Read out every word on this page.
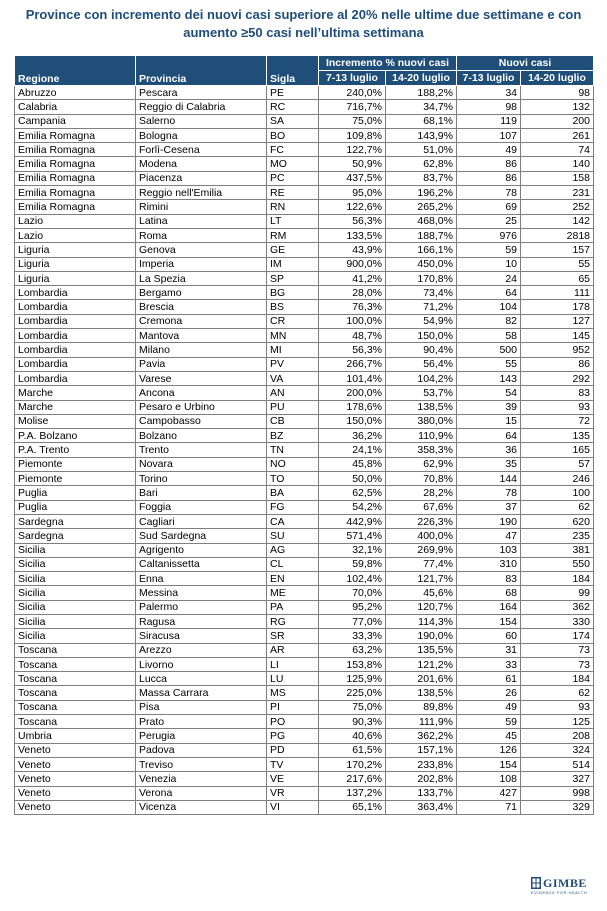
Province con incremento dei nuovi casi superiore al 20% nelle ultime due settimane e con aumento ≥50 casi nell’ultima settimana
Regione	Provincia	Sigla	Incremento % nuovi casi		Nuovi casi	
			7-13 luglio	14-20 luglio	7-13 luglio	14-20 luglio
Abruzzo	Pescara	PE	240,0%	188,2%	34	98
Calabria	Reggio di Calabria	RC	716,7%	34,7%	98	132
Campania	Salerno	SA	75,0%	68,1%	119	200
Emilia Romagna	Bologna	BO	109,8%	143,9%	107	261
Emilia Romagna	Forlì-Cesena	FC	122,7%	51,0%	49	74
Emilia Romagna	Modena	MO	50,9%	62,8%	86	140
Emilia Romagna	Piacenza	PC	437,5%	83,7%	86	158
Emilia Romagna	Reggio nell'Emilia	RE	95,0%	196,2%	78	231
Emilia Romagna	Rimini	RN	122,6%	265,2%	69	252
Lazio	Latina	LT	56,3%	468,0%	25	142
Lazio	Roma	RM	133,5%	188,7%	976	2818
Liguria	Genova	GE	43,9%	166,1%	59	157
Liguria	Imperia	IM	900,0%	450,0%	10	55
Liguria	La Spezia	SP	41,2%	170,8%	24	65
Lombardia	Bergamo	BG	28,0%	73,4%	64	111
Lombardia	Brescia	BS	76,3%	71,2%	104	178
Lombardia	Cremona	CR	100,0%	54,9%	82	127
Lombardia	Mantova	MN	48,7%	150,0%	58	145
Lombardia	Milano	MI	56,3%	90,4%	500	952
Lombardia	Pavia	PV	266,7%	56,4%	55	86
Lombardia	Varese	VA	101,4%	104,2%	143	292
Marche	Ancona	AN	200,0%	53,7%	54	83
Marche	Pesaro e Urbino	PU	178,6%	138,5%	39	93
Molise	Campobasso	CB	150,0%	380,0%	15	72
P.A. Bolzano	Bolzano	BZ	36,2%	110,9%	64	135
P.A. Trento	Trento	TN	24,1%	358,3%	36	165
Piemonte	Novara	NO	45,8%	62,9%	35	57
Piemonte	Torino	TO	50,0%	70,8%	144	246
Puglia	Bari	BA	62,5%	28,2%	78	100
Puglia	Foggia	FG	54,2%	67,6%	37	62
Sardegna	Cagliari	CA	442,9%	226,3%	190	620
Sardegna	Sud Sardegna	SU	571,4%	400,0%	47	235
Sicilia	Agrigento	AG	32,1%	269,9%	103	381
Sicilia	Caltanissetta	CL	59,8%	77,4%	310	550
Sicilia	Enna	EN	102,4%	121,7%	83	184
Sicilia	Messina	ME	70,0%	45,6%	68	99
Sicilia	Palermo	PA	95,2%	120,7%	164	362
Sicilia	Ragusa	RG	77,0%	114,3%	154	330
Sicilia	Siracusa	SR	33,3%	190,0%	60	174
Toscana	Arezzo	AR	63,2%	135,5%	31	73
Toscana	Livorno	LI	153,8%	121,2%	33	73
Toscana	Lucca	LU	125,9%	201,6%	61	184
Toscana	Massa Carrara	MS	225,0%	138,5%	26	62
Toscana	Pisa	PI	75,0%	89,8%	49	93
Toscana	Prato	PO	90,3%	111,9%	59	125
Umbria	Perugia	PG	40,6%	362,2%	45	208
Veneto	Padova	PD	61,5%	157,1%	126	324
Veneto	Treviso	TV	170,2%	233,8%	154	514
Veneto	Venezia	VE	217,6%	202,8%	108	327
Veneto	Verona	VR	137,2%	133,7%	427	998
Veneto	Vicenza	VI	65,1%	363,4%	71	329
GIMBE
EVIDENCE FOR HEALTH
